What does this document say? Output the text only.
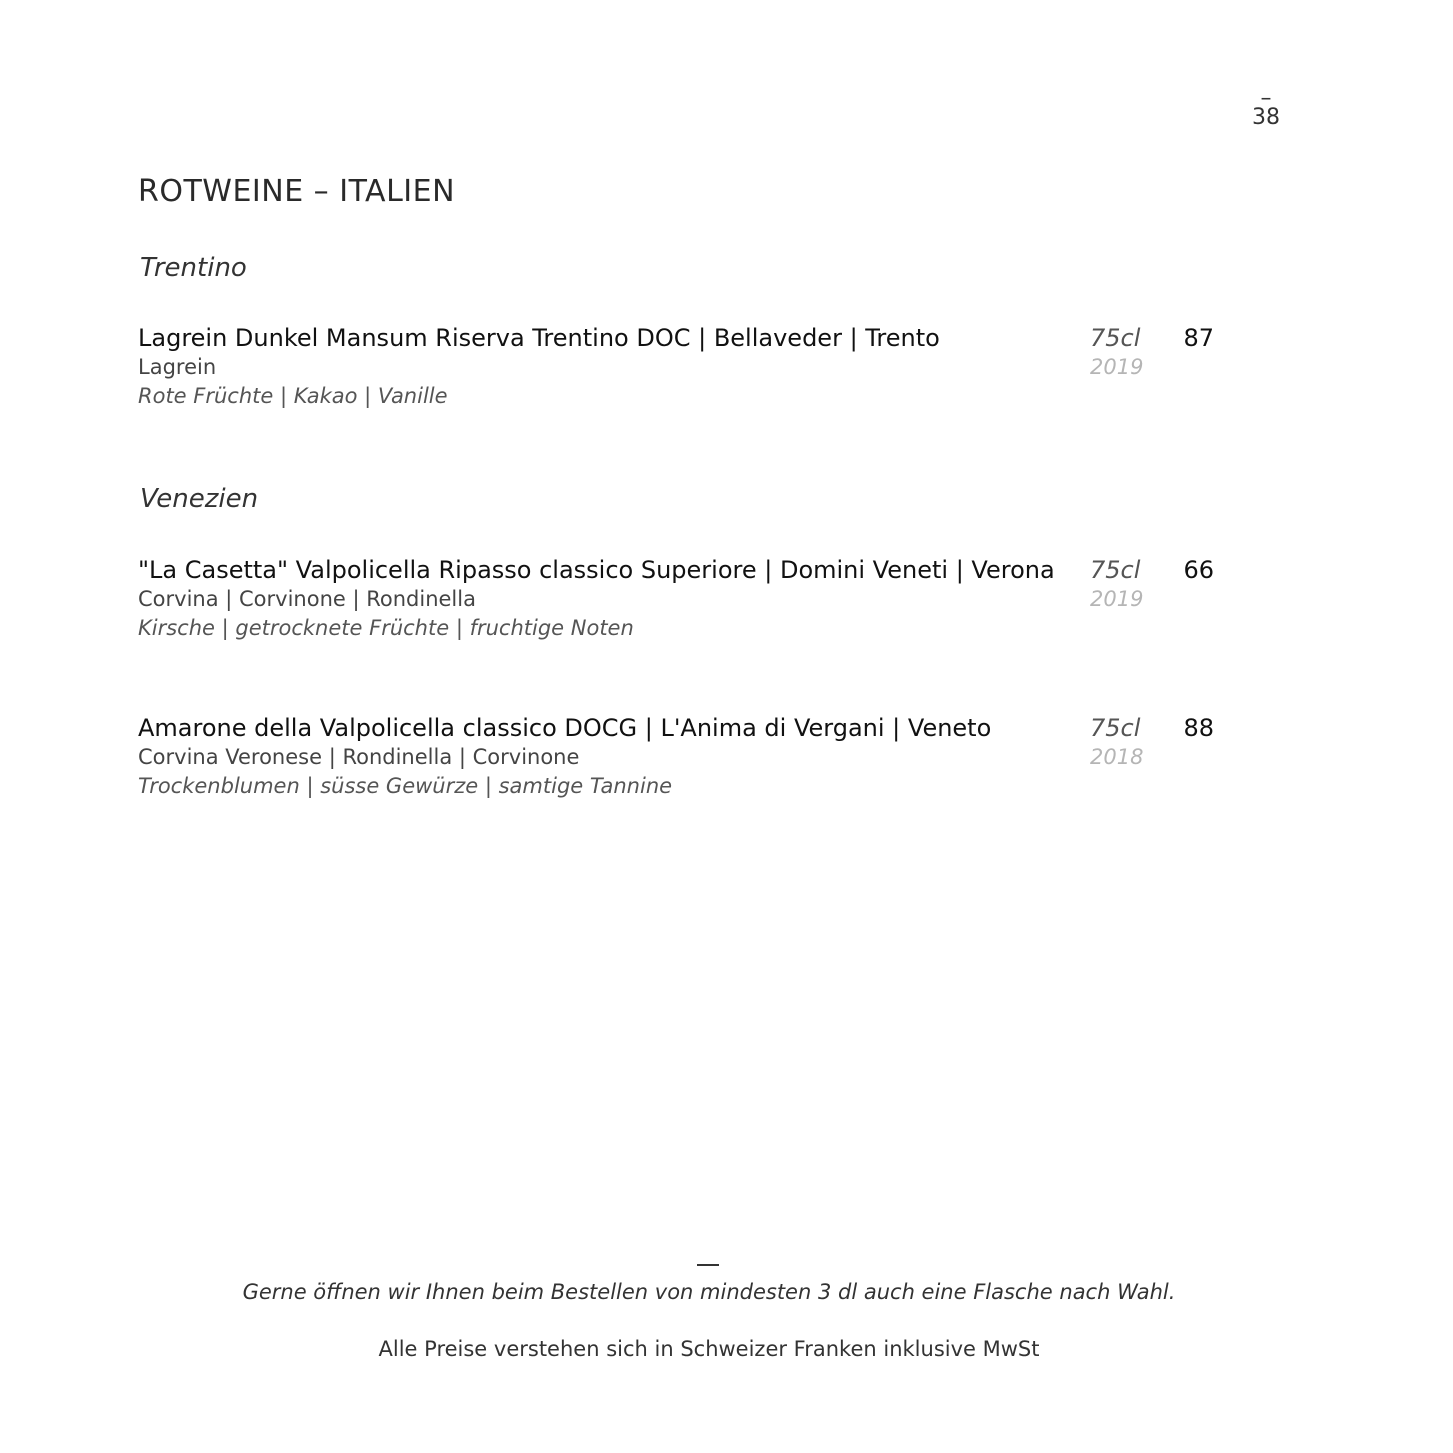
–
38
ROTWEINE – ITALIEN
Trentino
Lagrein Dunkel Mansum Riserva Trentino DOC | Bellaveder | Trento
Lagrein
Rote Früchte | Kakao | Vanille
75cl
2019
87
Venezien
"La Casetta" Valpolicella Ripasso classico Superiore | Domini Veneti | Verona
Corvina | Corvinone | Rondinella
Kirsche | getrocknete Früchte | fruchtige Noten
75cl
2019
66
Amarone della Valpolicella classico DOCG | L'Anima di Vergani | Veneto
Corvina Veronese | Rondinella | Corvinone
Trockenblumen | süsse Gewürze | samtige Tannine
75cl
2018
88
Gerne öffnen wir Ihnen beim Bestellen von mindesten 3 dl auch eine Flasche nach Wahl.
Alle Preise verstehen sich in Schweizer Franken inklusive MwSt
